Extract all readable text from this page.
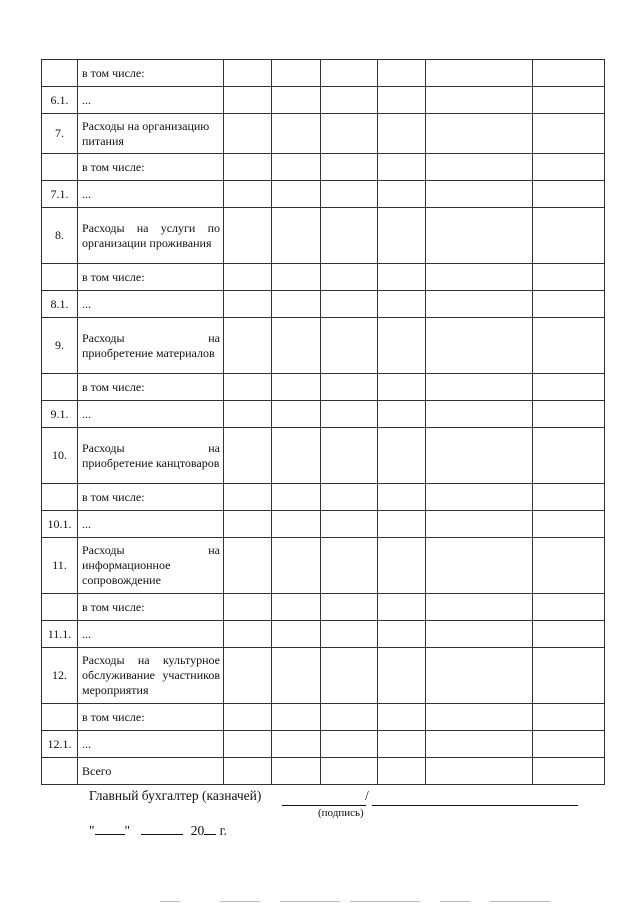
	в том числе:						
6.1.	...						
7.	Расходы на организацию питания						
	в том числе:						
7.1.	...						
8.	Расходы на услуги по организации проживания						
	в том числе:						
8.1.	...						
9.	Расходы на
приобретение материалов						

	в том числе:						
9.1.	...						
10.	Расходы на
приобретение канцтоваров						

	в том числе:						
10.1.	...						
11.	Расходы на
информационное сопровождение						

	в том числе:						
11.1.	...						
12.	Расходы на культурное обслуживание участников мероприятия						
	в том числе:						
12.1.	...						
	Всего						
Главный бухгалтер (казначей)	/
(подпись)
" "	20 г.
